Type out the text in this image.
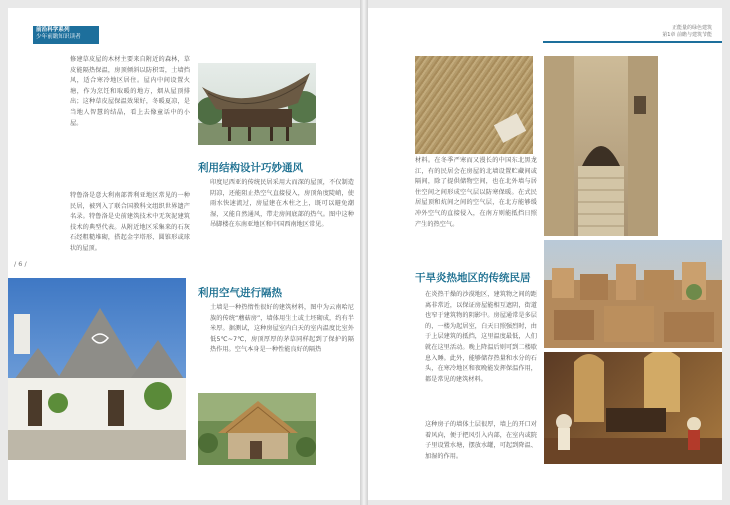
前沿科学系列
少年前瞻知识读者
修建草皮屋的木材主要来自附近的森林，草皮能隔热保温，房顶倾斜以防积雪，土墙挡风，适合寒冷地区居住。屋内中间设置火塘，作为烹饪和取暖的地方，烟从屋顶排出；这种草皮屋保温效果好，冬暖夏凉，是当地人智慧的结晶，看上去像童话中的小屋。
特鲁洛是意大利南部普利亚地区常见的一种民居，被列入了联合国教科文组织世界遗产名录。特鲁洛是史前建筑技术中无灰泥建筑技术的典型代表。从附近地区采集来的石灰石经粗糙堆砌，搭起金字塔形、圆锥形或球状的屋顶。
/ 6 /
利用结构设计巧妙通风
印度尼西亚的传统民居采用大而深的屋顶，不仅制造阴凉，还能阻止热空气直接侵入，房顶角度陡峭，使雨水快速流过，房屋建在木柱之上，既可以避免潮湿，又能自然通风，带走房间底部的热气。图中这种吊脚楼在东南亚地区和中国西南地区常见。
利用空气进行隔热
土墙是一种热惰性很好的建筑材料，图中为云南哈尼族的传统“蘑菇房”，墙体用生土或土坯砌成，约有半米厚。据测试，这种房屋室内白天的室内温度比室外低5℃~7℃，房顶厚厚的茅草同样起到了保护的隔热作用。空气本身是一种性能良好的隔热
正能量的绿色建筑
第1章 前瞻与建筑节能
材料。在冬季严寒而又漫长的中国东北黑龙江，有的民居会在房屋的北墙设置贮藏间或隔间，除了提供储物空间，也在北外墙与居住空间之间形成空气层以防寒保暖。在式民居屋顶和炕间之间的空气层，在北方能够缓冲外空气的直接侵入，在南方则能抵挡日照产生的热空气。
干旱炎热地区的传统民居
在炎热干燥的沙漠地区，建筑物之间的距离非常近，以保证房屋能相互遮阴，街道也窄于建筑物的阴影中。房屋通常是多层的，一楼为起居室，白天日照强烈时，由于上层建筑的抵挡，这里温度最低，人们就在这里活动。晚上降温后则可到二楼歇息入睡。此外，能够储存热量和水分的石头，在寒冷地区和夜晚能发挥保温作用，都是常见的建筑材料。
这种房子的墙体土层很厚，墙上的开口对着风向，便于把风引入内部，在室内或院子里设置水塘，摆放水罐，可起到降温、加湿的作用。
